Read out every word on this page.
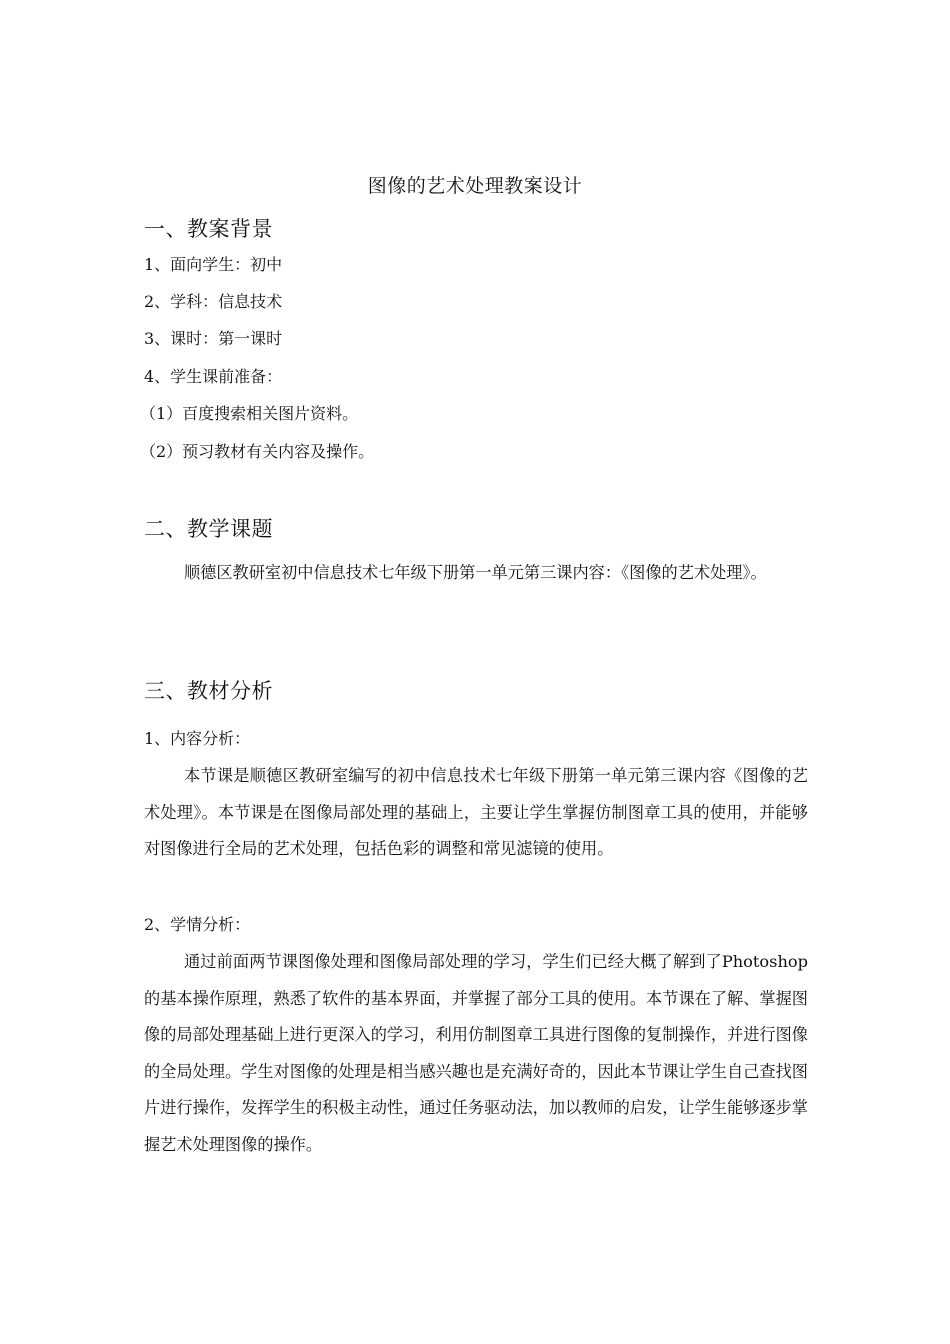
图像的艺术处理教案设计
一、教案背景
1、面向学生：初中
2、学科：信息技术
3、课时：第一课时
4、学生课前准备：
（1）百度搜索相关图片资料。
（2）预习教材有关内容及操作。
二、教学课题
顺德区教研室初中信息技术七年级下册第一单元第三课内容：《图像的艺术处理》。
三、教材分析
1、内容分析：
本节课是顺德区教研室编写的初中信息技术七年级下册第一单元第三课内容《图像的艺术处理》。本节课是在图像局部处理的基础上，主要让学生掌握仿制图章工具的使用，并能够对图像进行全局的艺术处理，包括色彩的调整和常见滤镜的使用。
2、学情分析：
通过前面两节课图像处理和图像局部处理的学习，学生们已经大概了解到了Photoshop的基本操作原理，熟悉了软件的基本界面，并掌握了部分工具的使用。本节课在了解、掌握图像的局部处理基础上进行更深入的学习，利用仿制图章工具进行图像的复制操作，并进行图像的全局处理。学生对图像的处理是相当感兴趣也是充满好奇的，因此本节课让学生自己查找图片进行操作，发挥学生的积极主动性，通过任务驱动法，加以教师的启发，让学生能够逐步掌握艺术处理图像的操作。
